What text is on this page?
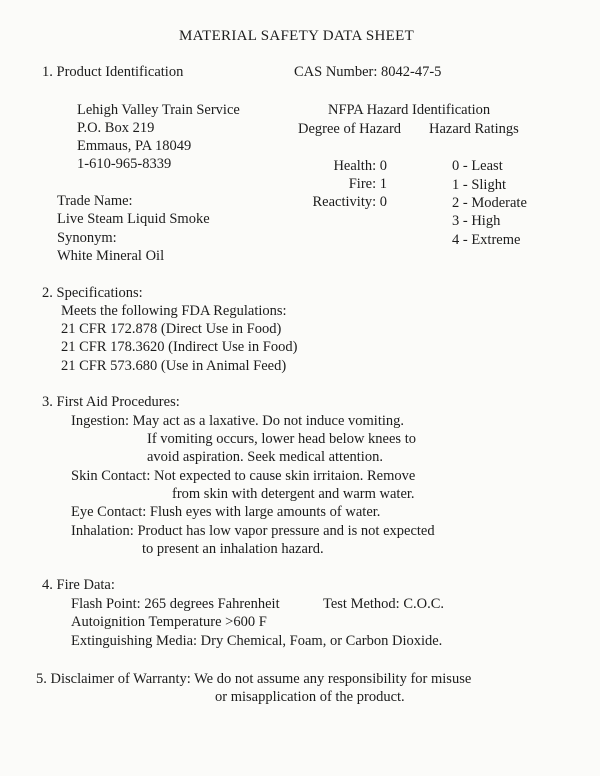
MATERIAL SAFETY DATA SHEET
1. Product Identification	CAS Number: 8042-47-5
Lehigh Valley Train Service
P.O. Box 219
Emmaus, PA 18049
1-610-965-8339
Trade Name:
Live Steam Liquid Smoke
Synonym:
White Mineral Oil
NFPA Hazard Identification
Degree of Hazard Hazard Ratings
Health: 0
Fire: 1
Reactivity: 0
0 - Least
1 - Slight
2 - Moderate
3 - High
4 - Extreme
2. Specifications:
Meets the following FDA Regulations:
21 CFR 172.878 (Direct Use in Food)
21 CFR 178.3620 (Indirect Use in Food)
21 CFR 573.680 (Use in Animal Feed)
3. First Aid Procedures:
Ingestion: May act as a laxative. Do not induce vomiting.
If vomiting occurs, lower head below knees to
avoid aspiration. Seek medical attention.
Skin Contact: Not expected to cause skin irritaion. Remove
from skin with detergent and warm water.
Eye Contact: Flush eyes with large amounts of water.
Inhalation: Product has low vapor pressure and is not expected
to present an inhalation hazard.
4. Fire Data:
Flash Point: 265 degrees Fahrenheit	Test Method: C.O.C.
Autoignition Temperature >600 F
Extinguishing Media: Dry Chemical, Foam, or Carbon Dioxide.
5. Disclaimer of Warranty: We do not assume any responsibility for misuse
or misapplication of the product.
